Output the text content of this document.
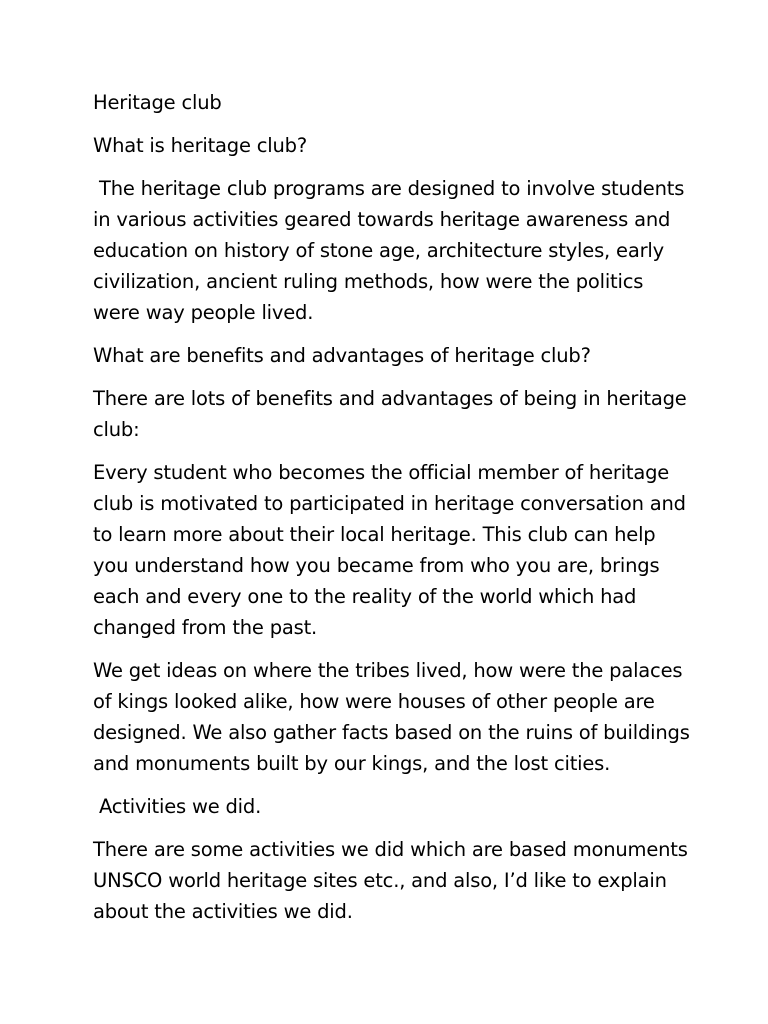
Heritage club

What is heritage club?

The heritage club programs are designed to involve students in various activities geared towards heritage awareness and education on history of stone age, architecture styles, early civilization, ancient ruling methods, how were the politics were way people lived.

What are benefits and advantages of heritage club?

There are lots of benefits and advantages of being in heritage club:

Every student who becomes the official member of heritage club is motivated to participated in heritage conversation and to learn more about their local heritage. This club can help you understand how you became from who you are, brings each and every one to the reality of the world which had changed from the past.

We get ideas on where the tribes lived, how were the palaces of kings looked alike, how were houses of other people are designed. We also gather facts based on the ruins of buildings and monuments built by our kings, and the lost cities.

Activities we did.

There are some activities we did which are based monuments UNSCO world heritage sites etc., and also, I’d like to explain about the activities we did.
